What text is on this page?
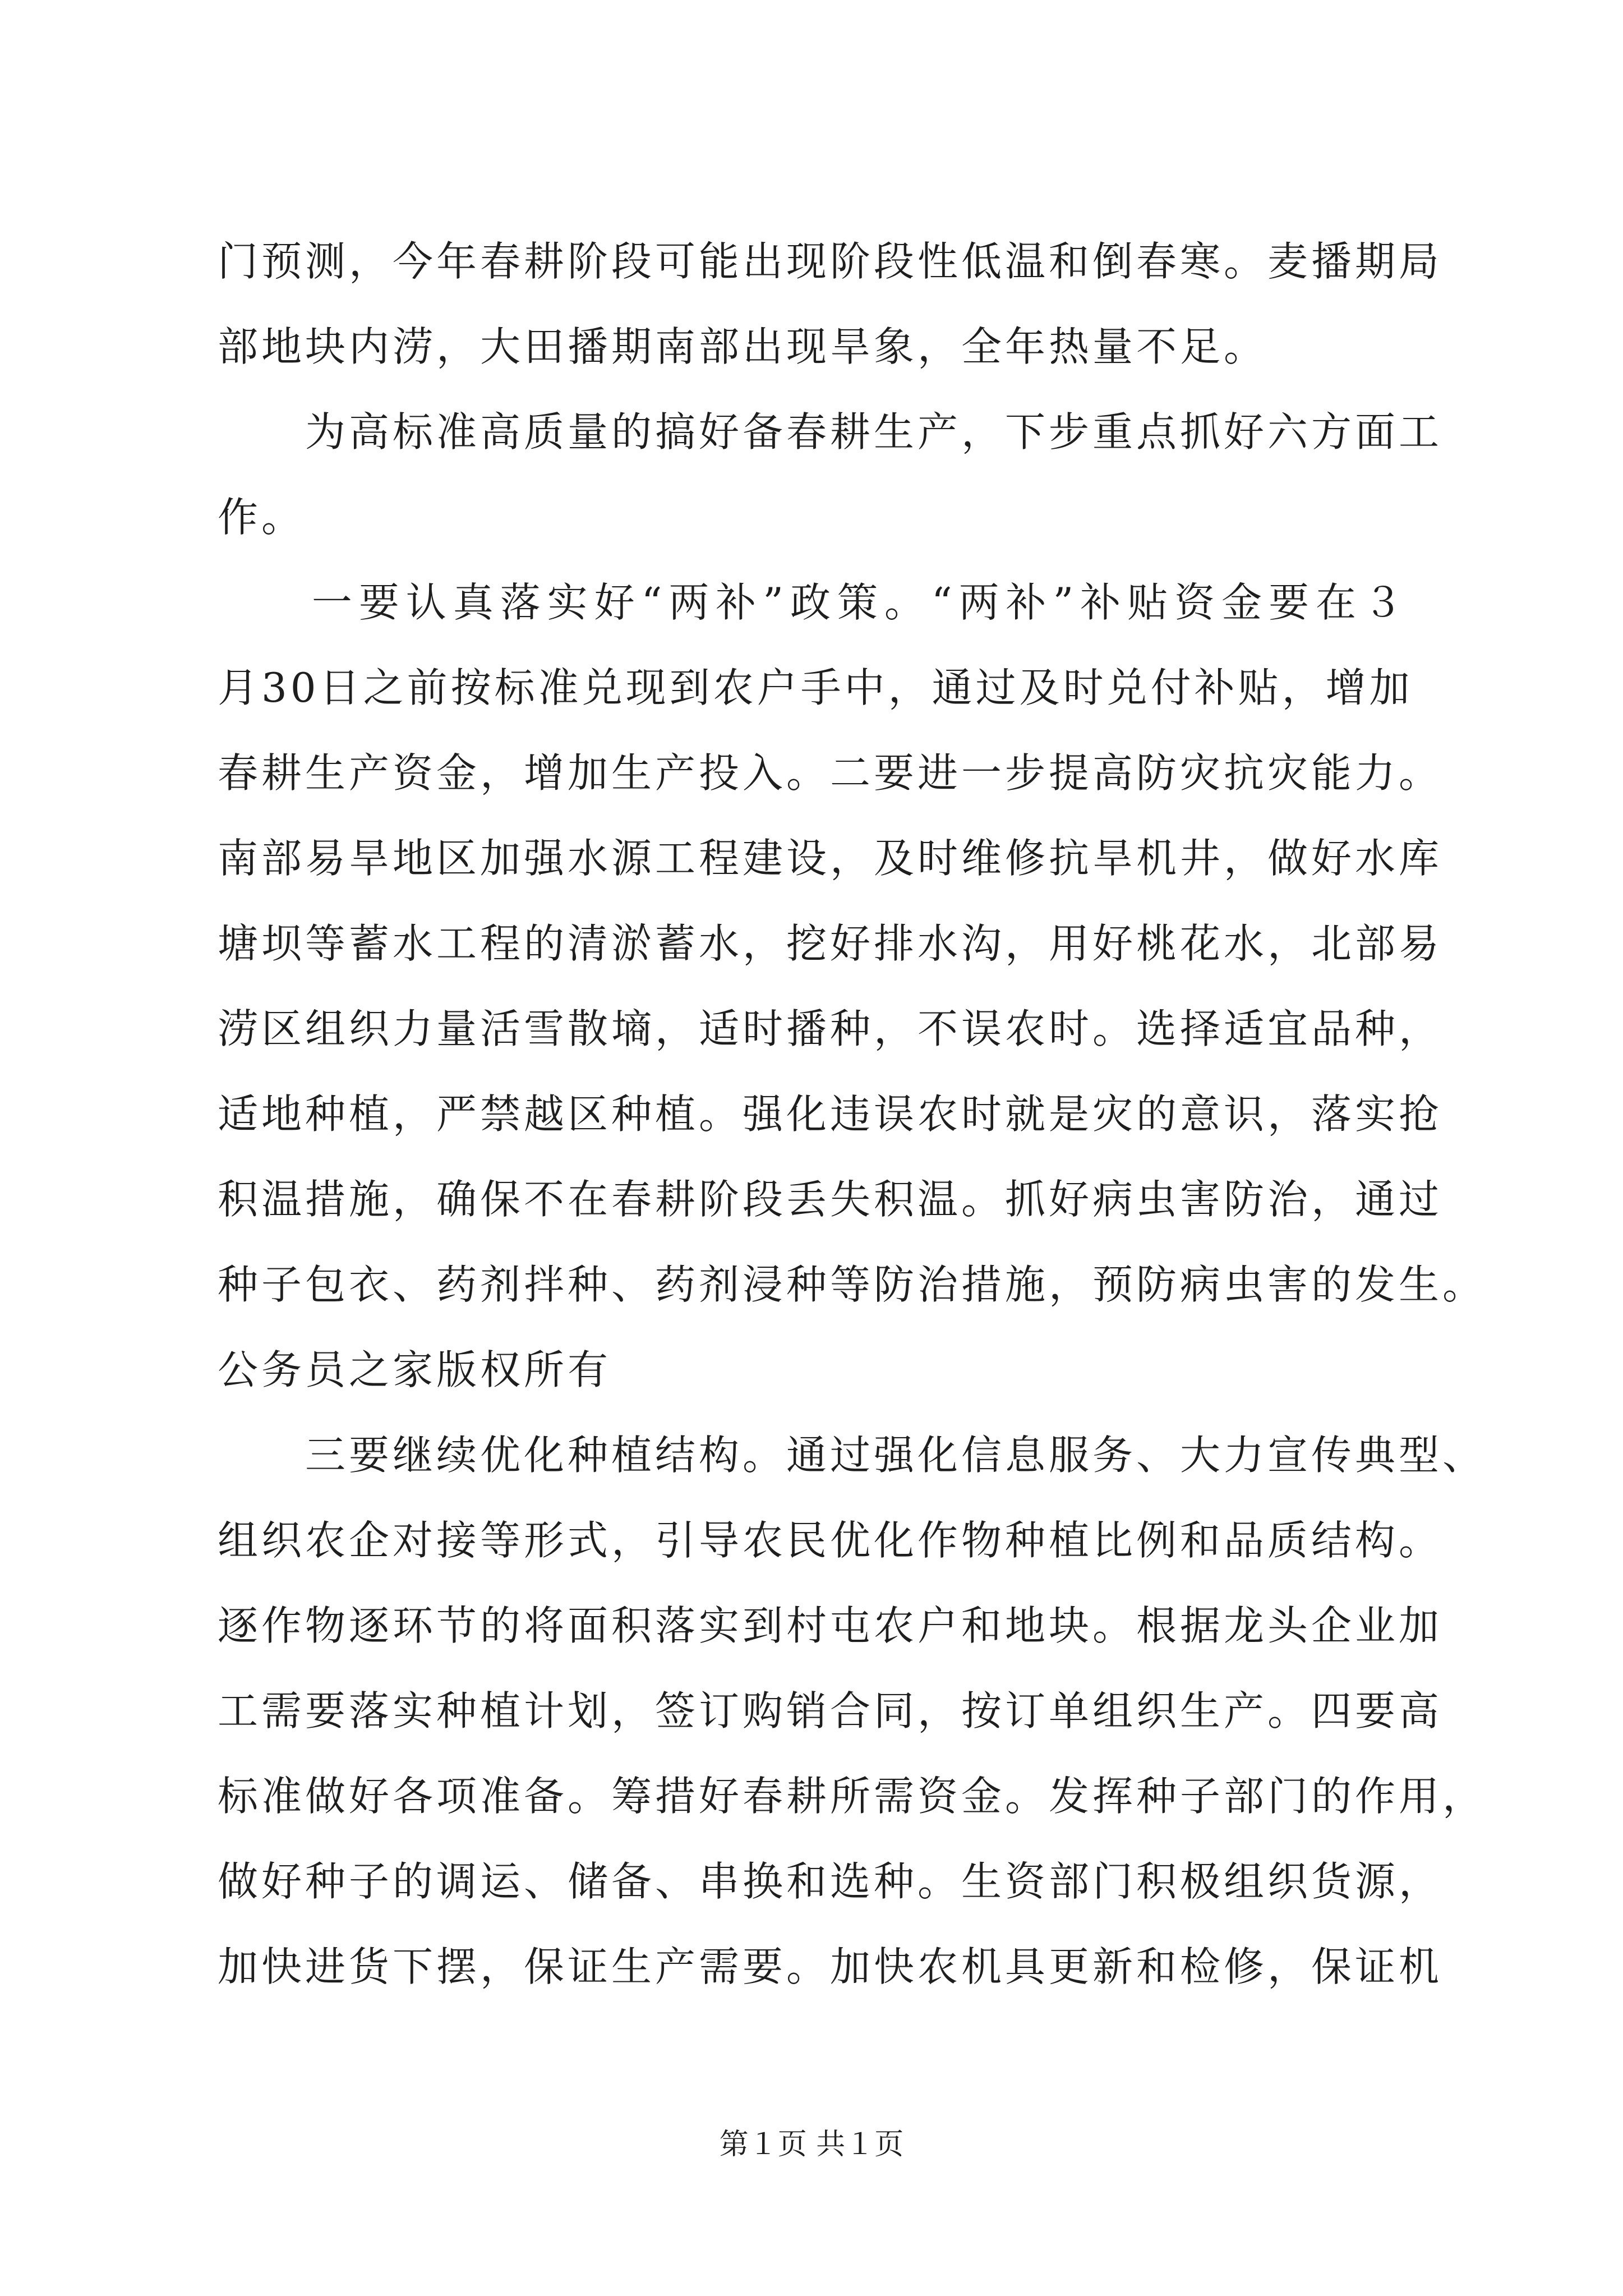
门预测，今年春耕阶段可能出现阶段性低温和倒春寒。麦播期局
部地块内涝，大田播期南部出现旱象，全年热量不足。
　　为高标准高质量的搞好备春耕生产，下步重点抓好六方面工
作。
　　一要认真落实好“两补”政策。“两补”补贴资金要在３
月30日之前按标准兑现到农户手中，通过及时兑付补贴，增加
春耕生产资金，增加生产投入。二要进一步提高防灾抗灾能力。
南部易旱地区加强水源工程建设，及时维修抗旱机井，做好水库
塘坝等蓄水工程的清淤蓄水，挖好排水沟，用好桃花水，北部易
涝区组织力量活雪散墒，适时播种，不误农时。选择适宜品种，
适地种植，严禁越区种植。强化违误农时就是灾的意识，落实抢
积温措施，确保不在春耕阶段丢失积温。抓好病虫害防治，通过
种子包衣、药剂拌种、药剂浸种等防治措施，预防病虫害的发生。
公务员之家版权所有
　　三要继续优化种植结构。通过强化信息服务、大力宣传典型、
组织农企对接等形式，引导农民优化作物种植比例和品质结构。
逐作物逐环节的将面积落实到村屯农户和地块。根据龙头企业加
工需要落实种植计划，签订购销合同，按订单组织生产。四要高
标准做好各项准备。筹措好春耕所需资金。发挥种子部门的作用，
做好种子的调运、储备、串换和选种。生资部门积极组织货源，
加快进货下摆，保证生产需要。加快农机具更新和检修，保证机
第１页 共１页
